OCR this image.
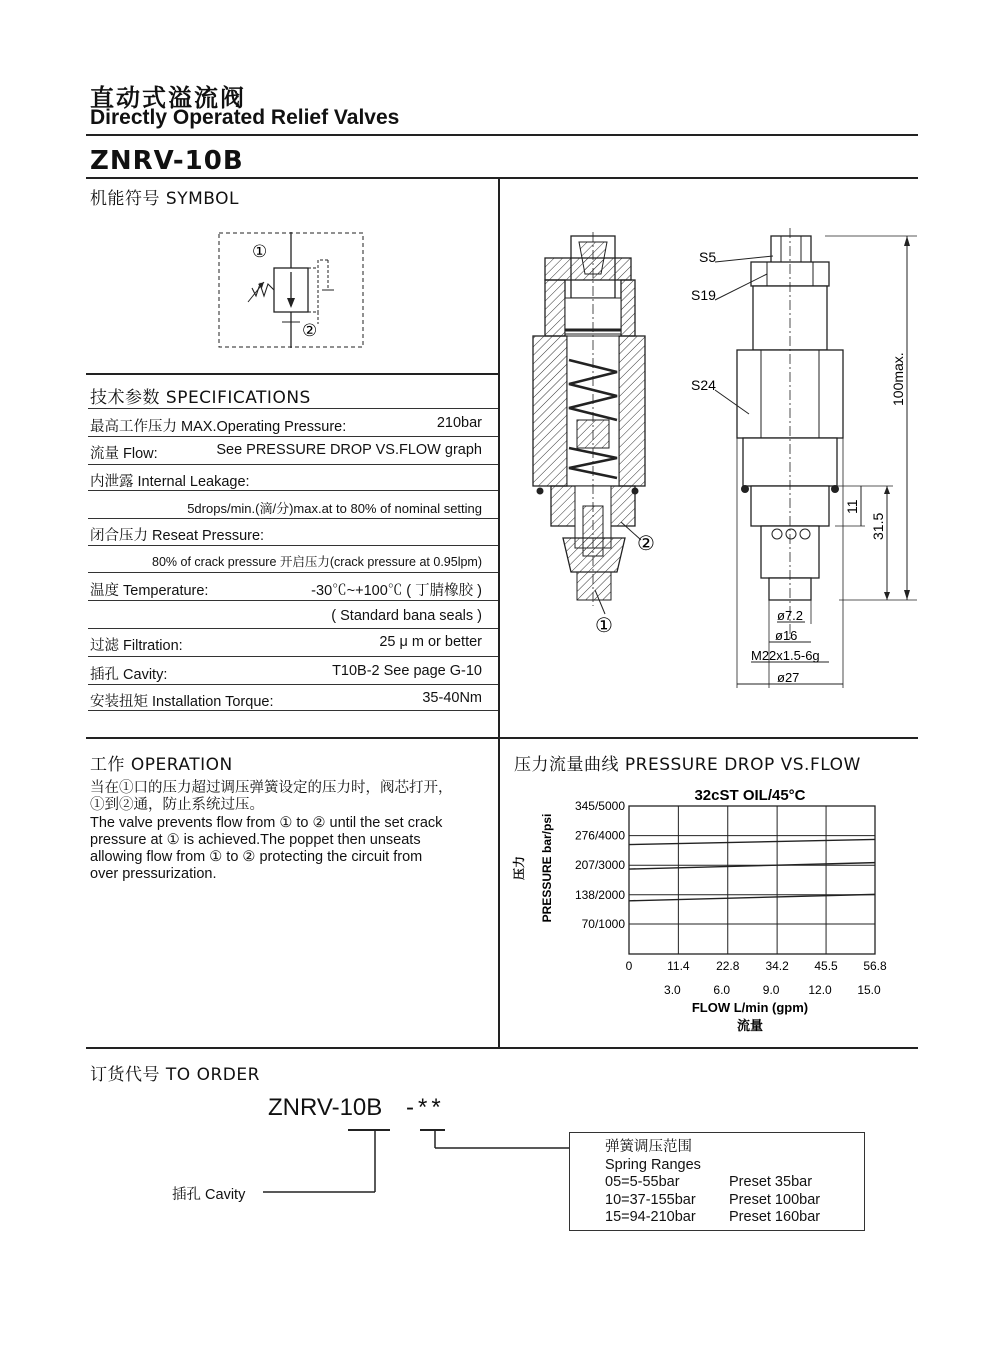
直动式溢流阀
Directly Operated Relief Valves
ZNRV-10B
机能符号 SYMBOL
①
②
技术参数 SPECIFICATIONS
最高工作压力 MAX.Operating Pressure:	210bar
流量 Flow:	See PRESSURE DROP VS.FLOW graph
内泄露 Internal Leakage:
5drops/min.(滴/分)max.at to 80% of nominal setting
闭合压力 Reseat Pressure:
80% of crack pressure 开启压力(crack pressure at 0.95lpm)
温度 Temperature:	-30℃~+100℃ ( 丁腈橡胶 )
( Standard bana seals )
过滤 Filtration:	25 μ m or better
插孔 Cavity:	T10B-2 See page G-10
安装扭矩 Installation Torque:	35-40Nm
②
①
S5
S19
S24	100max.
11
31.5
ø7.2
ø16
M22x1.5-6g
ø27
工作 OPERATION
当在①口的压力超过调压弹簧设定的压力时，阀芯打开，
①到②通，防止系统过压。
The valve prevents flow from ① to ② until the set crack
pressure at ① is achieved.The poppet then unseats
allowing flow from ① to ② protecting the circuit from
over pressurization.
压力流量曲线 PRESSURE DROP VS.FLOW
32cST OIL/45°C
压力 PRESSURE bar/psi
FLOW L/min (gpm)
流量
0	11.4 22.8 34.2 45.5 56.8
3.0	6.0	9.0 12.0 15.0
345/5000
276/4000
207/3000
138/2000
70/1000
订货代号 TO ORDER
ZNRV-10B -**
插孔 Cavity
弹簧调压范围
Spring Ranges
05=5-55bar	Preset 35bar
10=37-155bar	Preset 100bar
15=94-210bar	Preset 160bar
